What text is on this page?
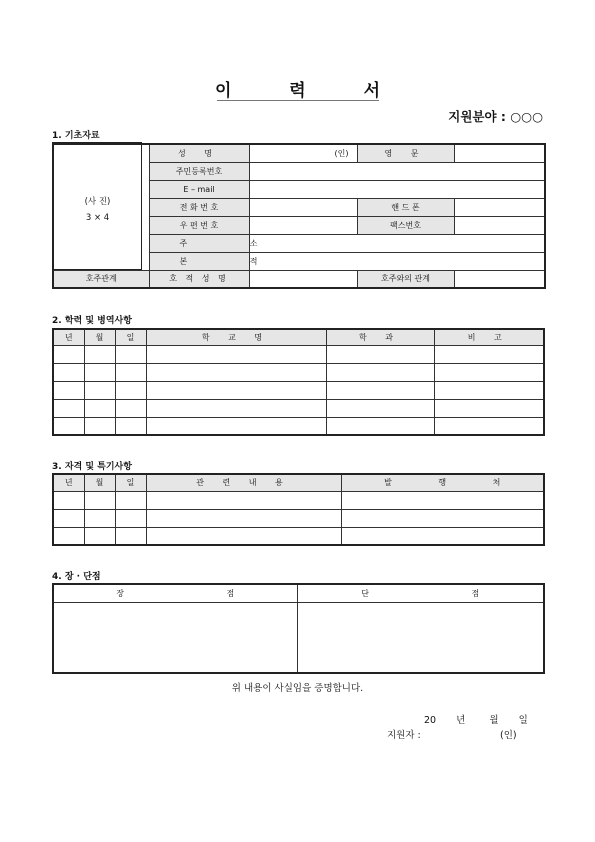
이 력 서
지원분야 : ○○○
1. 기초자료
(사 진)
3 × 4
	성 명	(인)	영 문	
	주민등록번호			
	E – mail			
	전 화 번 호		핸 드 폰	
	우 편 번 호		팩스번호	
	주 소			
	본 적			
호주관계	호 적 성 명		호주와의 관계	
2. 학력 및 병역사항
년	월	일	학 교 명	학 과	비 고

3. 자격 및 특기사항
년	월	일	관 련 내 용	발 행 처

4. 장 · 단점
장 점	단 점

위 내용이 사실임을 증명합니다.
20 년	월 일
지원자 :	(인)
